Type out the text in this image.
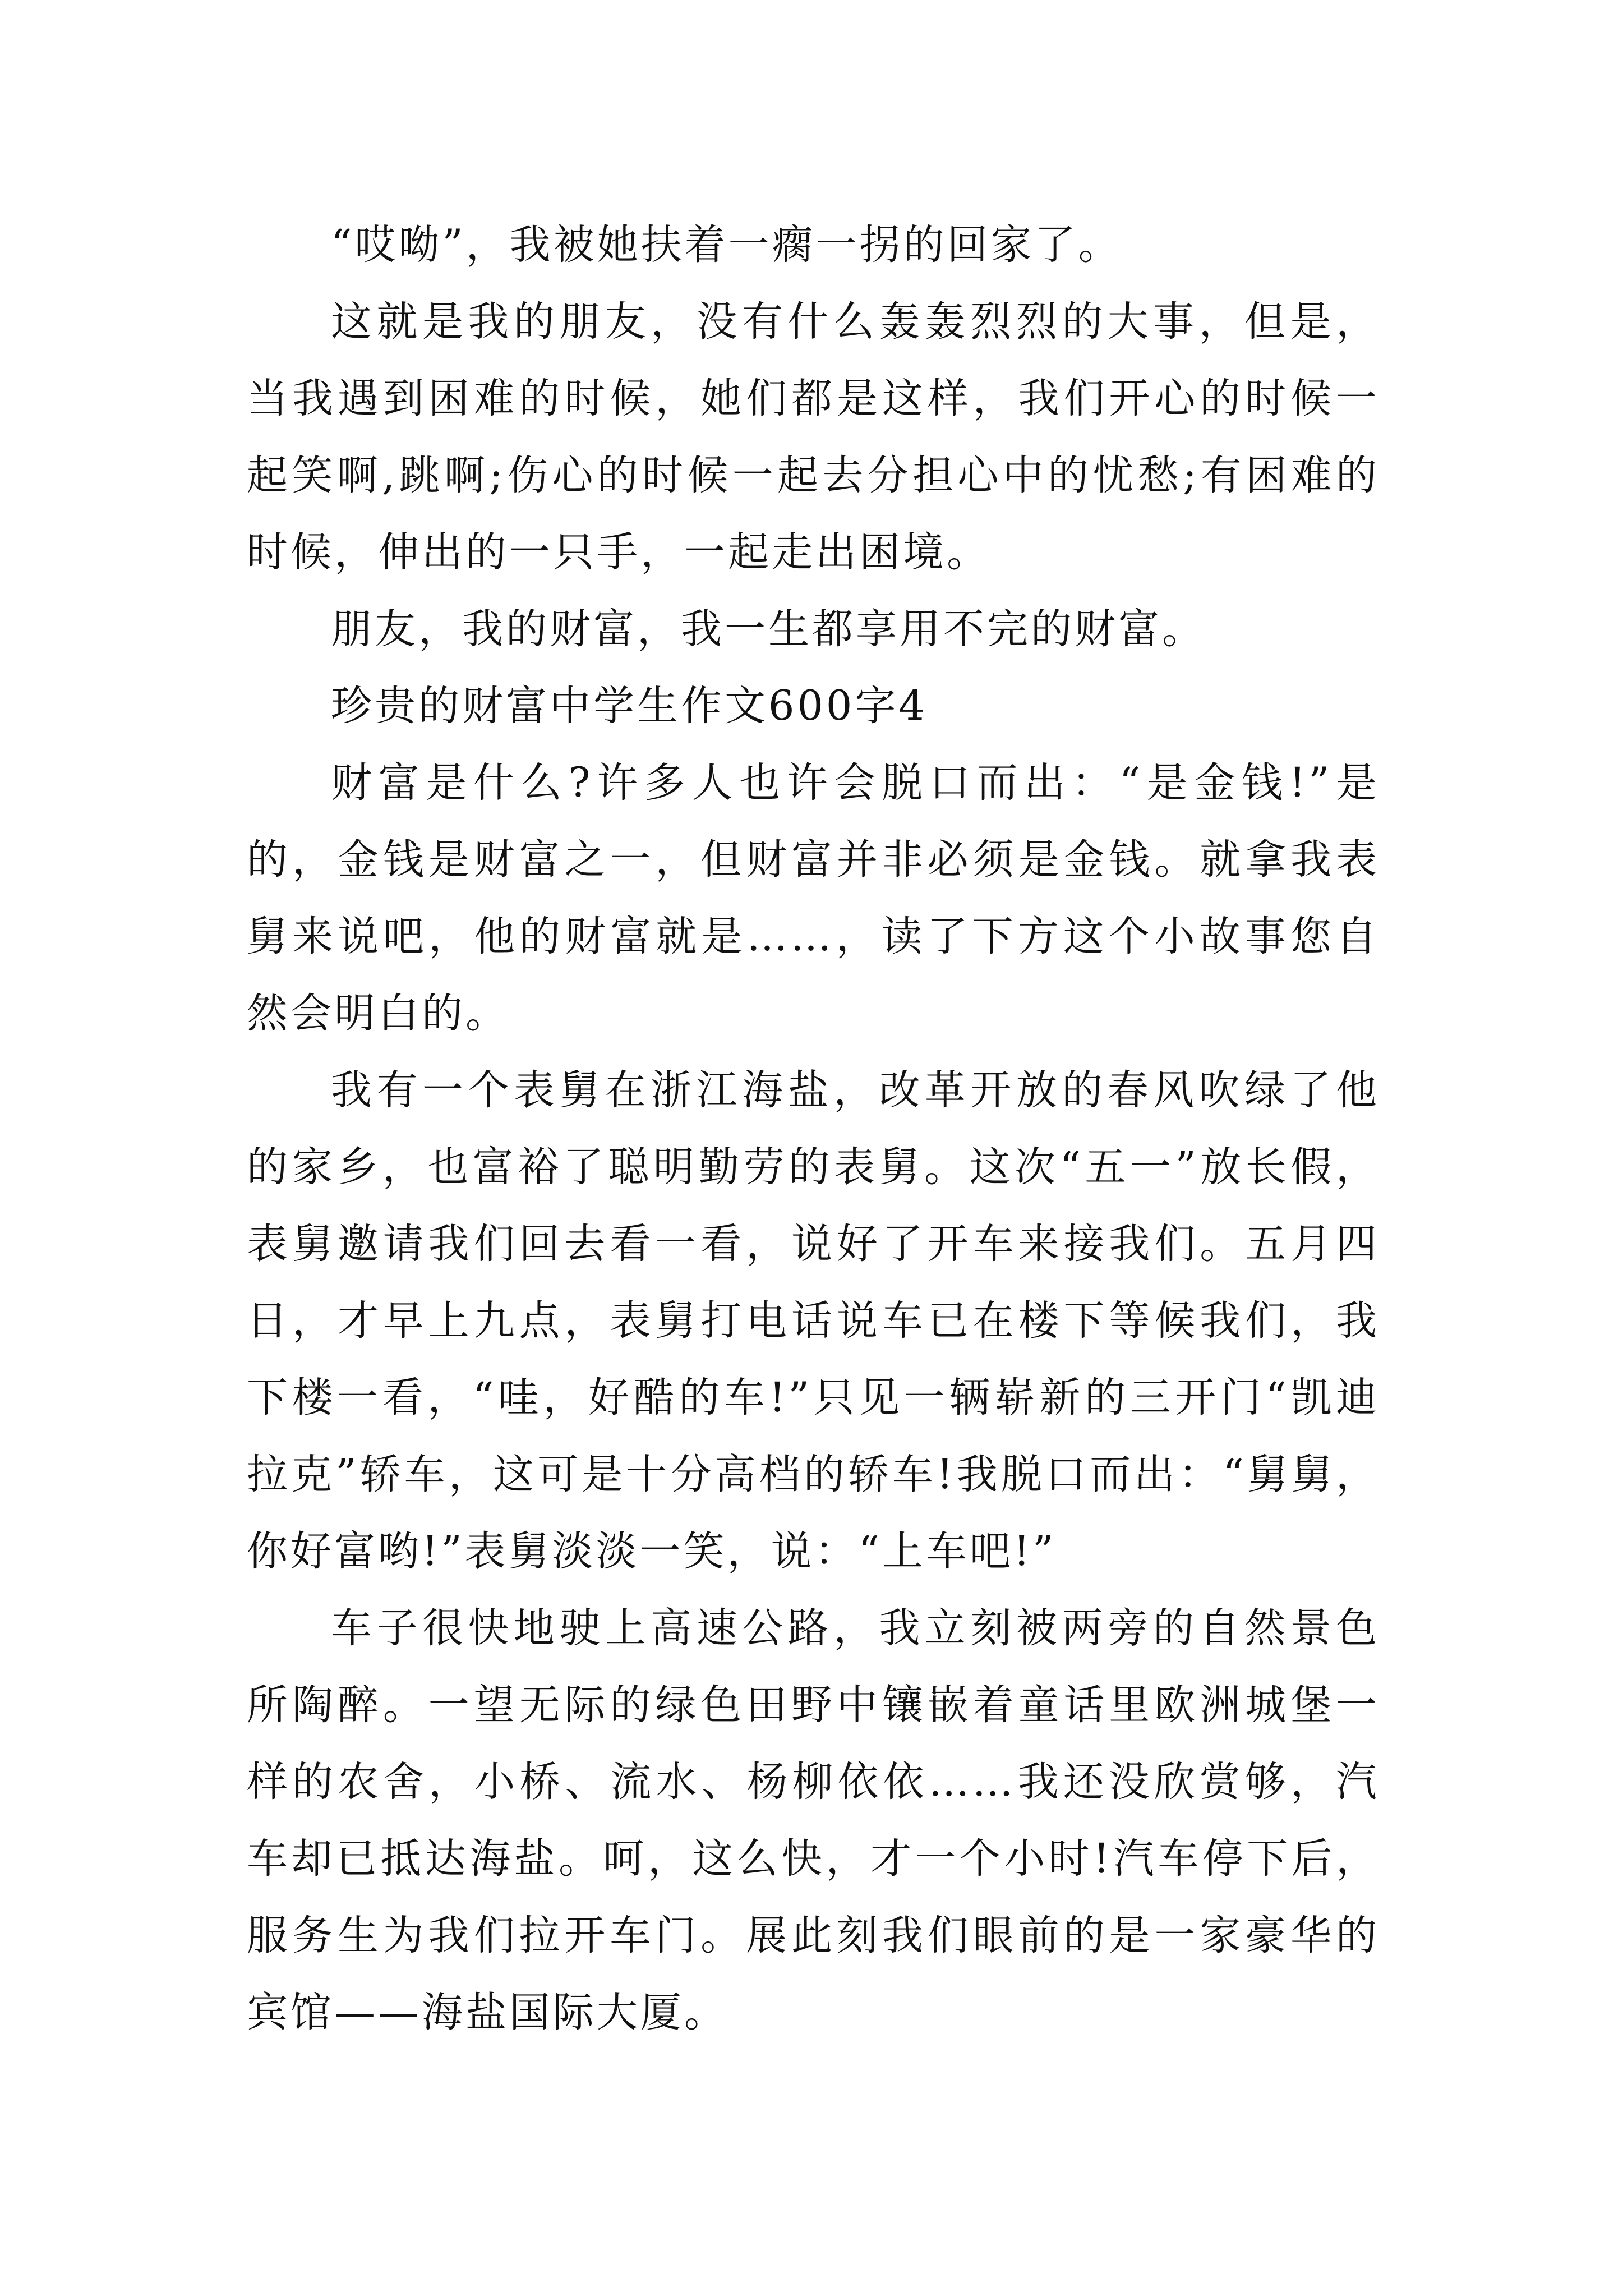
“哎呦”，我被她扶着一瘸一拐的回家了。

这就是我的朋友，没有什么轰轰烈烈的大事，但是，当我遇到困难的时候，她们都是这样，我们开心的时候一起笑啊,跳啊;伤心的时候一起去分担心中的忧愁;有困难的时候，伸出的一只手，一起走出困境。

朋友，我的财富，我一生都享用不完的财富。

珍贵的财富中学生作文600字4

财富是什么?许多人也许会脱口而出：“是金钱!”是的，金钱是财富之一，但财富并非必须是金钱。就拿我表舅来说吧，他的财富就是……，读了下方这个小故事您自然会明白的。

我有一个表舅在浙江海盐，改革开放的春风吹绿了他的家乡，也富裕了聪明勤劳的表舅。这次“五一”放长假，表舅邀请我们回去看一看，说好了开车来接我们。五月四日，才早上九点，表舅打电话说车已在楼下等候我们，我下楼一看，“哇，好酷的车!”只见一辆崭新的三开门“凯迪拉克”轿车，这可是十分高档的轿车!我脱口而出：“舅舅，你好富哟!”表舅淡淡一笑，说：“上车吧!”

车子很快地驶上高速公路，我立刻被两旁的自然景色所陶醉。一望无际的绿色田野中镶嵌着童话里欧洲城堡一样的农舍，小桥、流水、杨柳依依……我还没欣赏够，汽车却已抵达海盐。呵，这么快，才一个小时!汽车停下后，服务生为我们拉开车门。展此刻我们眼前的是一家豪华的宾馆——海盐国际大厦。
